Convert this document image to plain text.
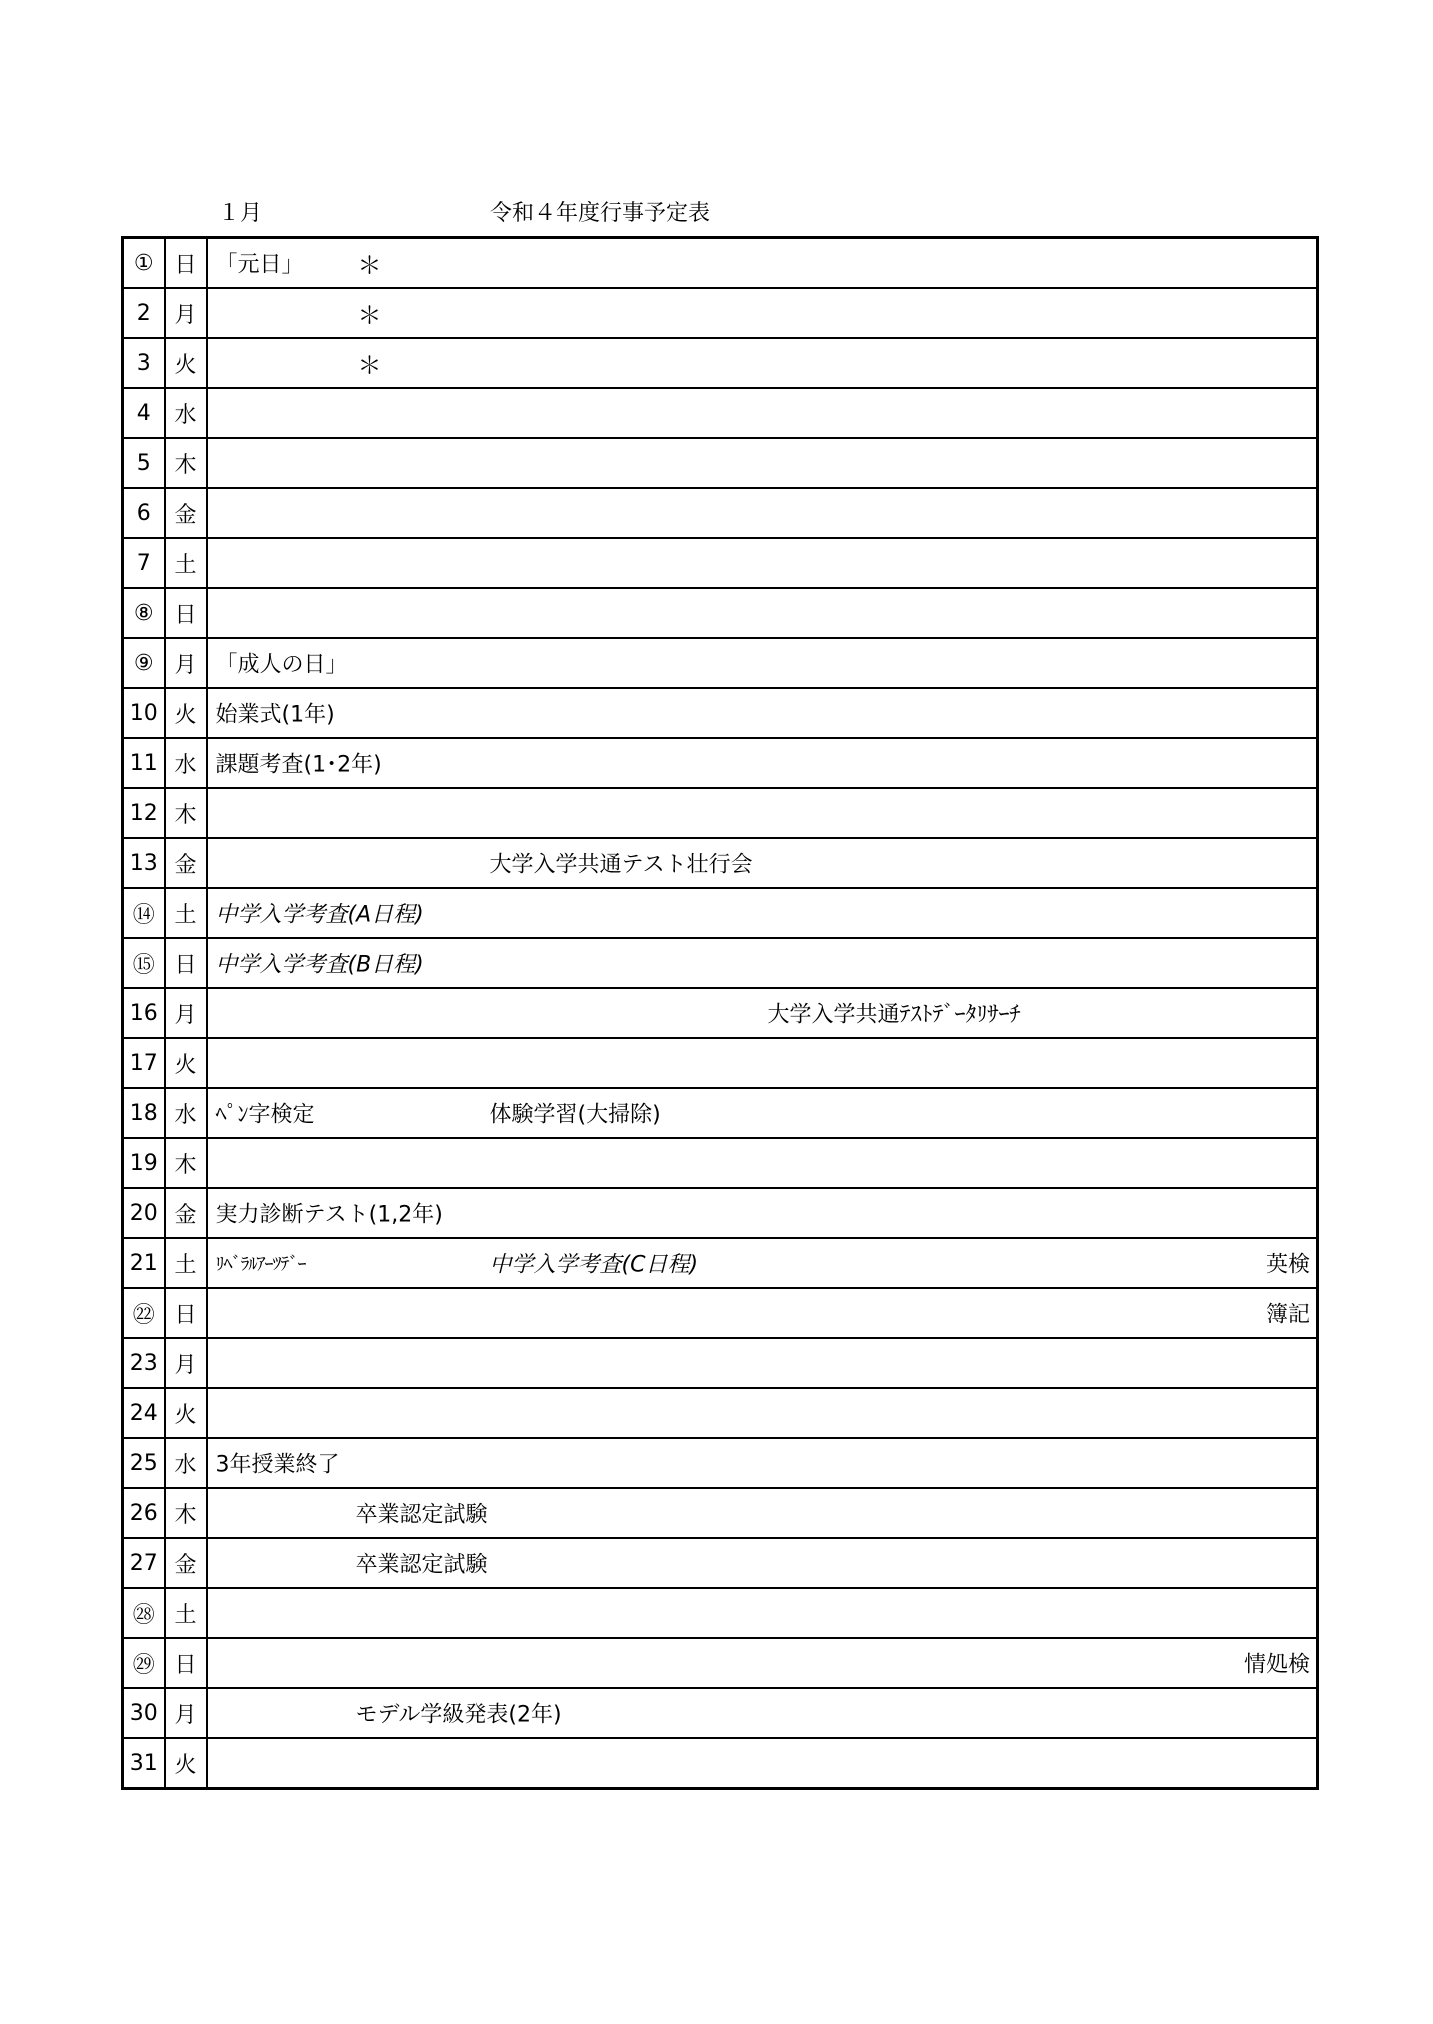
１月	令和４年度行事予定表
①	日	「元日」 ＊

2	月	＊

3	火	＊

4	水	
5	木	
6	金	
7	土	
⑧	日	
⑨	月	「成人の日」

10	火	始業式(1年)

11	水	課題考査(1･2年)

12	木	
13	金	大学入学共通テスト壮行会

⑭	土	中学入学考査(A日程)

⑮	日	中学入学考査(B日程)

16	月	大学入学共通ﾃｽﾄﾃﾞｰﾀﾘｻｰﾁ

17	火	
18	水	ﾍﾟﾝ字検定 体験学習(大掃除)

19	木	
20	金	実力診断テスト(1,2年)

21	土	ﾘﾍﾞﾗﾙｱｰﾂﾃﾞｰ 中学入学考査(C日程) 英検

㉒	日	簿記

23	月	
24	火	
25	水	3年授業終了

26	木	卒業認定試験

27	金	卒業認定試験

㉘	土	
㉙	日	情処検

30	月	モデル学級発表(2年)

31	火	
